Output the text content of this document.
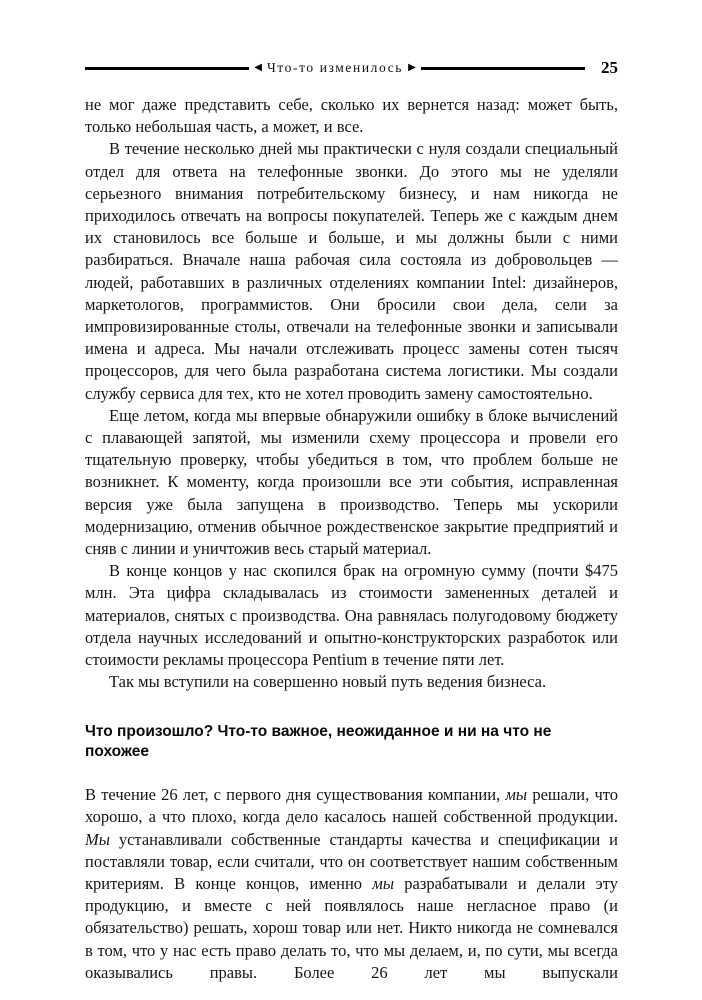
◀ Что-то изменилось ▶	25

не мог даже представить себе, сколько их вернется назад: может быть, только небольшая часть, а может, и все.

В течение несколько дней мы практически с нуля создали специальный отдел для ответа на телефонные звонки. До этого мы не уделяли серьезного внимания потребительскому бизнесу, и нам никогда не приходилось отвечать на вопросы покупателей. Теперь же с каждым днем их становилось все больше и больше, и мы должны были с ними разбираться. Вначале наша рабочая сила состояла из добровольцев — людей, работавших в различных отделениях компании Intel: дизайнеров, маркетологов, программистов. Они бросили свои дела, сели за импровизированные столы, отвечали на телефонные звонки и записывали имена и адреса. Мы начали отслеживать процесс замены сотен тысяч процессоров, для чего была разработана система логистики. Мы создали службу сервиса для тех, кто не хотел проводить замену самостоятельно.

Еще летом, когда мы впервые обнаружили ошибку в блоке вычислений с плавающей запятой, мы изменили схему процессора и провели его тщательную проверку, чтобы убедиться в том, что проблем больше не возникнет. К моменту, когда произошли все эти события, исправленная версия уже была запущена в производство. Теперь мы ускорили модернизацию, отменив обычное рождественское закрытие предприятий и сняв с линии и уничтожив весь старый материал.

В конце концов у нас скопился брак на огромную сумму (почти $475 млн. Эта цифра складывалась из стоимости замененных деталей и материалов, снятых с производства. Она равнялась полугодовому бюджету отдела научных исследований и опытно-конструкторских разработок или стоимости рекламы процессора Pentium в течение пяти лет.

Так мы вступили на совершенно новый путь ведения бизнеса.

Что произошло? Что-то важное, неожиданное и ни на что не похожее

В течение 26 лет, с первого дня существования компании, мы решали, что хорошо, а что плохо, когда дело касалось нашей собственной продукции. Мы устанавливали собственные стандарты качества и спецификации и поставляли товар, если считали, что он соответствует нашим собственным критериям. В конце концов, именно мы разрабатывали и делали эту продукцию, и вместе с ней появлялось наше негласное право (и обязательство) решать, хорош товар или нет. Никто никогда не сомневался в том, что у нас есть право делать то, что мы делаем, и, по сути, мы всегда оказывались правы. Более 26 лет мы выпускали
